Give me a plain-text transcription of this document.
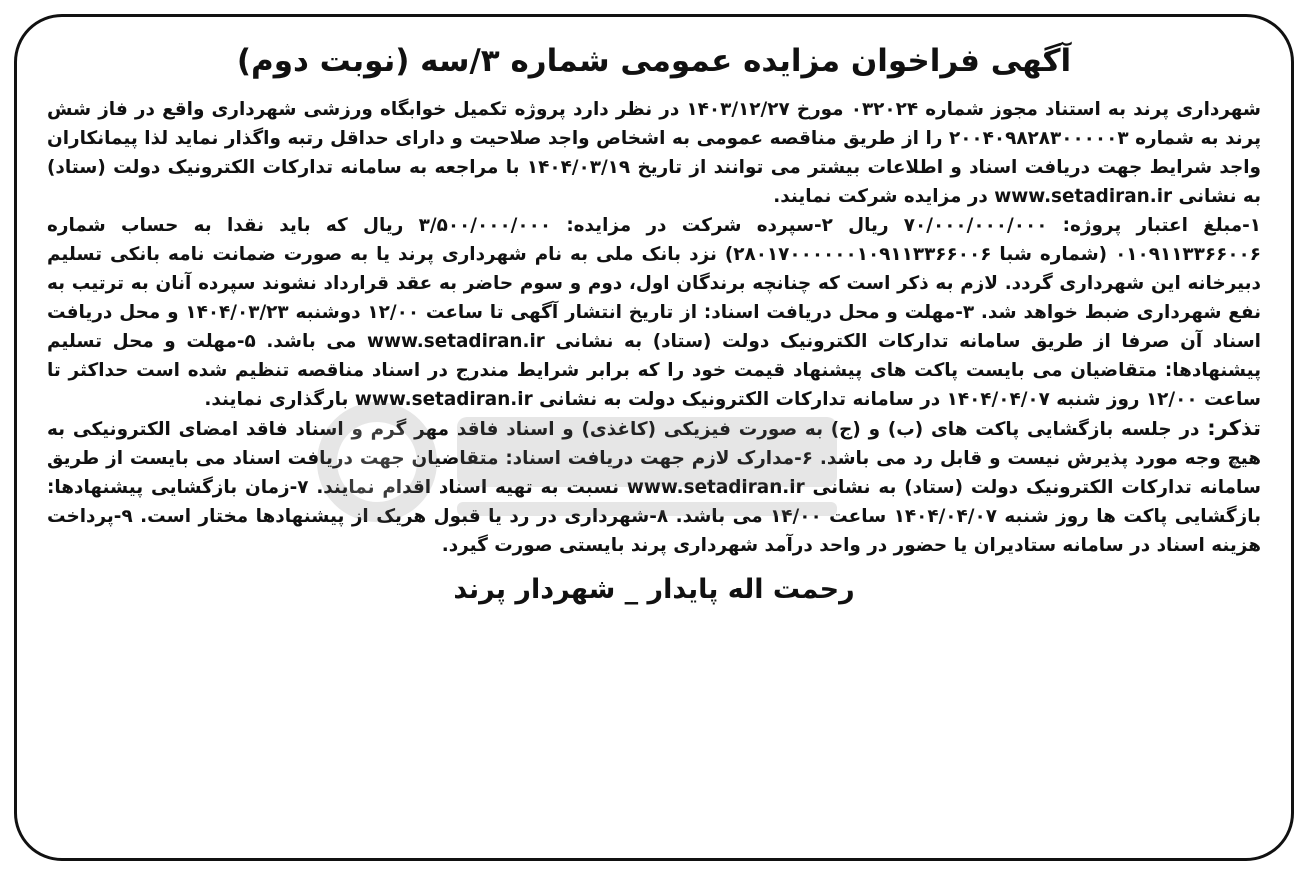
آگهی فراخوان مزایده عمومی شماره ۳/سه (نوبت دوم)

شهرداری پرند به استناد مجوز شماره ۰۳۲۰۲۴ مورخ ۱۴۰۳/۱۲/۲۷ در نظر دارد پروژه تکمیل خوابگاه ورزشی شهرداری واقع در فاز شش پرند به شماره ۲۰۰۴۰۹۸۲۸۳۰۰۰۰۰۳ را از طریق مناقصه عمومی به اشخاص واجد صلاحیت و دارای حداقل رتبه واگذار نماید لذا پیمانکاران واجد شرایط جهت دریافت اسناد و اطلاعات بیشتر می توانند از تاریخ ۱۴۰۴/۰۳/۱۹ با مراجعه به سامانه تدارکات الکترونیک دولت (ستاد) به نشانی www.setadiran.ir در مزایده شرکت نمایند.

۱-مبلغ اعتبار پروژه: ۷۰/۰۰۰/۰۰۰/۰۰۰ ریال ۲-سپرده شرکت در مزایده: ۳/۵۰۰/۰۰۰/۰۰۰ ریال که باید نقدا به حساب شماره ۰۱۰۹۱۱۳۳۶۶۰۰۶ (شماره شبا ۲۸۰۱۷۰۰۰۰۰۰۱۰۹۱۱۳۳۶۶۰۰۶) نزد بانک ملی به نام شهرداری پرند یا به صورت ضمانت نامه بانکی تسلیم دبیرخانه این شهرداری گردد. لازم به ذکر است که چنانچه برندگان اول، دوم و سوم حاضر به عقد قرارداد نشوند سپرده آنان به ترتیب به نفع شهرداری ضبط خواهد شد. ۳-مهلت و محل دریافت اسناد: از تاریخ انتشار آگهی تا ساعت ۱۲/۰۰ دوشنبه ۱۴۰۴/۰۳/۲۳ و محل دریافت اسناد آن صرفا از طریق سامانه تدارکات الکترونیک دولت (ستاد) به نشانی www.setadiran.ir می باشد. ۵-مهلت و محل تسلیم پیشنهادها: متقاضیان می بایست پاکت های پیشنهاد قیمت خود را که برابر شرایط مندرج در اسناد مناقصه تنظیم شده است حداکثر تا ساعت ۱۲/۰۰ روز شنبه ۱۴۰۴/۰۴/۰۷ در سامانه تدارکات الکترونیک دولت به نشانی www.setadiran.ir بارگذاری نمایند.

تذکر: در جلسه بازگشایی پاکت های (ب) و (ج) به صورت فیزیکی (کاغذی) و اسناد فاقد مهر گرم و اسناد فاقد امضای الکترونیکی به هیچ وجه مورد پذیرش نیست و قابل رد می باشد. ۶-مدارک لازم جهت دریافت اسناد: متقاضیان جهت دریافت اسناد می بایست از طریق سامانه تدارکات الکترونیک دولت (ستاد) به نشانی www.setadiran.ir نسبت به تهیه اسناد اقدام نمایند. ۷-زمان بازگشایی پیشنهادها: بازگشایی پاکت ها روز شنبه ۱۴۰۴/۰۴/۰۷ ساعت ۱۴/۰۰ می باشد. ۸-شهرداری در رد یا قبول هریک از پیشنهادها مختار است. ۹-پرداخت هزینه اسناد در سامانه ستادیران یا حضور در واحد درآمد شهرداری پرند بایستی صورت گیرد.

رحمت اله پایدار _ شهردار پرند
